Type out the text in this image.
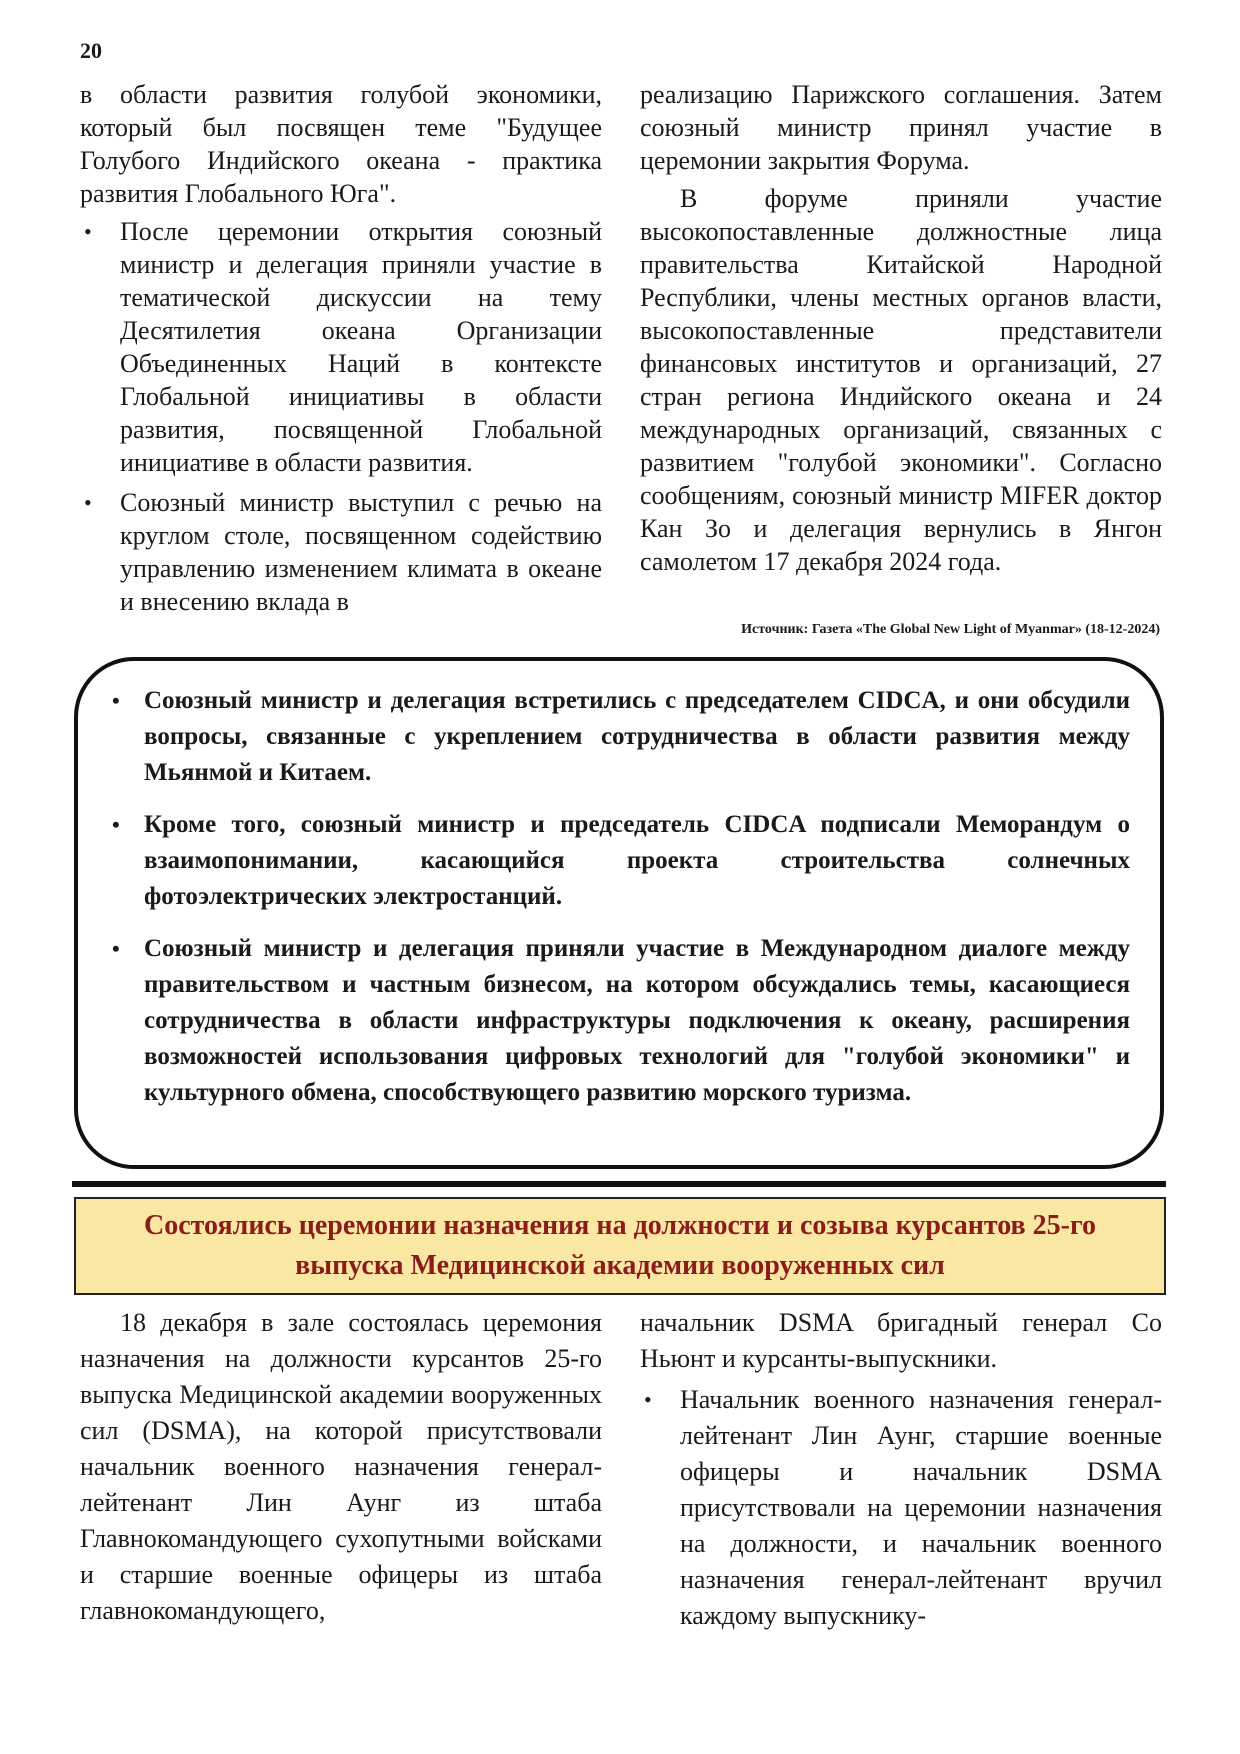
20

в области развития голубой экономики, который был посвящен теме "Будущее Голубого Индийского океана - практика развития Глобального Юга".

• После церемонии открытия союзный министр и делегация приняли участие в тематической дискуссии на тему Десятилетия океана Организации Объединенных Наций в контексте Глобальной инициативы в области развития, посвященной Глобальной инициативе в области развития.
• Союзный министр выступил с речью на круглом столе, посвященном содействию управлению изменением климата в океане и внесению вклада в

реализацию Парижского соглашения. Затем союзный министр принял участие в церемонии закрытия Форума.

В форуме приняли участие высокопоставленные должностные лица правительства Китайской Народной Республики, члены местных органов власти, высокопоставленные представители финансовых институтов и организаций, 27 стран региона Индийского океана и 24 международных организаций, связанных с развитием "голубой экономики". Согласно сообщениям, союзный министр MIFER доктор Кан Зо и делегация вернулись в Янгон самолетом 17 декабря 2024 года.

Источник: Газета «The Global New Light of Myanmar» (18-12-2024)
• Союзный министр и делегация встретились с председателем CIDCA, и они обсудили вопросы, связанные с укреплением сотрудничества в области развития между Мьянмой и Китаем.
• Кроме того, союзный министр и председатель CIDCA подписали Меморандум о взаимопонимании, касающийся проекта строительства солнечных фотоэлектрических электростанций.
• Союзный министр и делегация приняли участие в Международном диалоге между правительством и частным бизнесом, на котором обсуждались темы, касающиеся сотрудничества в области инфраструктуры подключения к океану, расширения возможностей использования цифровых технологий для "голубой экономики" и культурного обмена, способствующего развитию морского туризма.
Состоялись церемонии назначения на должности и созыва курсантов 25-го выпуска Медицинской академии вооруженных сил

18 декабря в зале состоялась церемония назначения на должности курсантов 25-го выпуска Медицинской академии вооруженных сил (DSMA), на которой присутствовали начальник военного назначения генерал-лейтенант Лин Аунг из штаба Главнокомандующего сухопутными войсками и старшие военные офицеры из штаба главнокомандующего,

начальник DSMA бригадный генерал Со Ньюнт и курсанты-выпускники.

• Начальник военного назначения генерал-лейтенант Лин Аунг, старшие военные офицеры и начальник DSMA присутствовали на церемонии назначения на должности, и начальник военного назначения генерал-лейтенант вручил каждому выпускнику-
